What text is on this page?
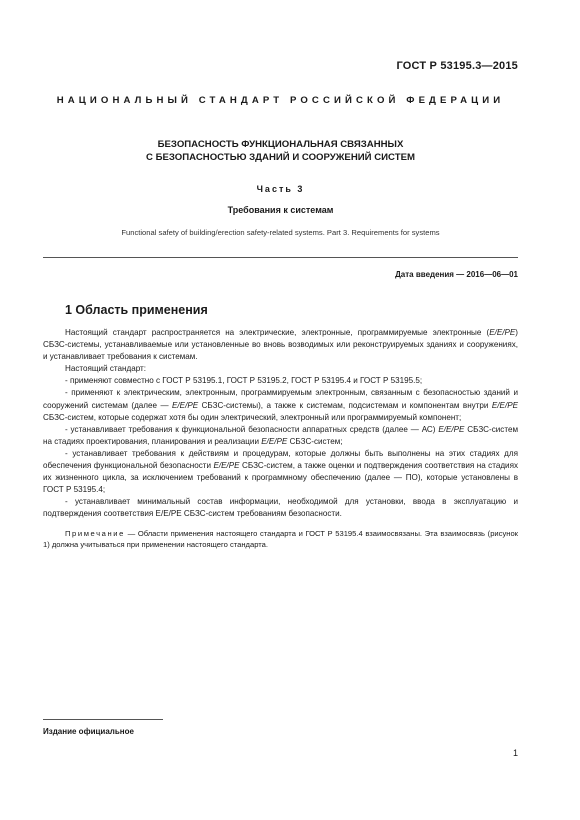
ГОСТ Р 53195.3—2015
НАЦИОНАЛЬНЫЙ СТАНДАРТ РОССИЙСКОЙ ФЕДЕРАЦИИ
БЕЗОПАСНОСТЬ ФУНКЦИОНАЛЬНАЯ СВЯЗАННЫХ
С БЕЗОПАСНОСТЬЮ ЗДАНИЙ И СООРУЖЕНИЙ СИСТЕМ
Часть 3
Требования к системам
Functional safety of building/erection safety-related systems. Part 3. Requirements for systems
Дата введения — 2016—06—01
1 Область применения

Настоящий стандарт распространяется на электрические, электронные, программируемые электронные (Е/Е/РЕ) СБЗС-системы, устанавливаемые или установленные во вновь возводимых или реконструируемых зданиях и сооружениях, и устанавливает требования к системам.

Настоящий стандарт:

- применяют совместно с ГОСТ Р 53195.1, ГОСТ Р 53195.2, ГОСТ Р 53195.4 и ГОСТ Р 53195.5;

- применяют к электрическим, электронным, программируемым электронным, связанным с безопасностью зданий и сооружений системам (далее — Е/Е/РЕ СБЗС-системы), а также к системам, подсистемам и компонентам внутри Е/Е/РЕ СБЗС-систем, которые содержат хотя бы один электрический, электронный или программируемый компонент;

- устанавливает требования к функциональной безопасности аппаратных средств (далее — АС) Е/Е/РЕ СБЗС-систем на стадиях проектирования, планирования и реализации Е/Е/РЕ СБЗС-систем;

- устанавливает требования к действиям и процедурам, которые должны быть выполнены на этих стадиях для обеспечения функциональной безопасности Е/Е/РЕ СБЗС-систем, а также оценки и подтверждения соответствия на стадиях их жизненного цикла, за исключением требований к программному обеспечению (далее — ПО), которые установлены в ГОСТ Р 53195.4;

- устанавливает минимальный состав информации, необходимой для установки, ввода в эксплуатацию и подтверждения соответствия Е/Е/РЕ СБЗС-систем требованиям безопасности.

Примечание — Области применения настоящего стандарта и ГОСТ Р 53195.4 взаимосвязаны. Эта взаимосвязь (рисунок 1) должна учитываться при применении настоящего стандарта.

Издание официальное
1
